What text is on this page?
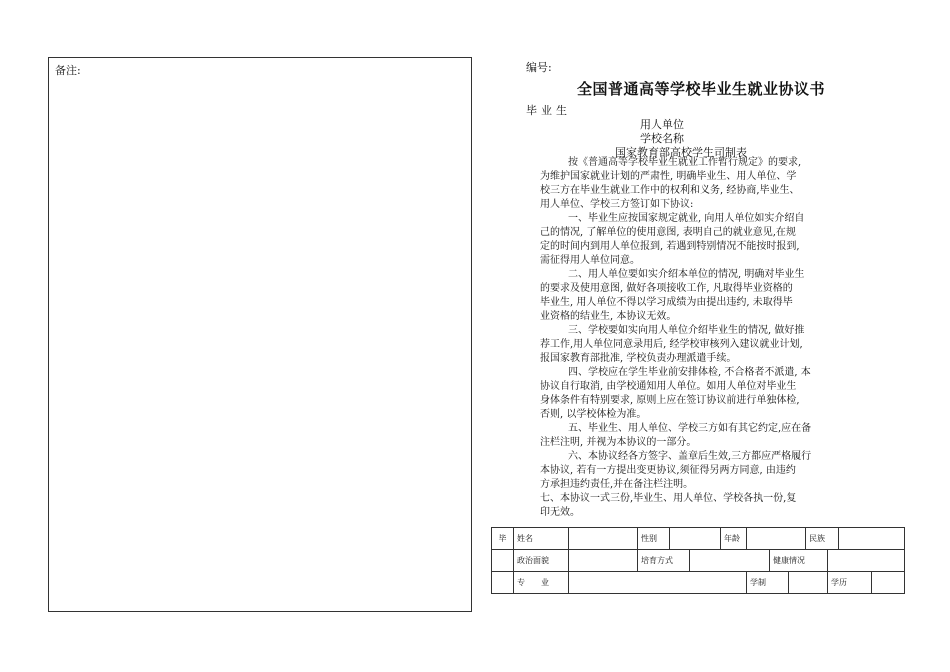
备注:	编号:
全国普通高等学校毕业生就业协议书
毕业生
用人单位
学校名称
国家教育部高校学生司制表
按《普通高等学校毕业生就业工作暂行规定》的要求,
为维护国家就业计划的严肃性, 明确毕业生、用人单位、学
校三方在毕业生就业工作中的权利和义务, 经协商,毕业生、
用人单位、学校三方签订如下协议:
一、毕业生应按国家规定就业, 向用人单位如实介绍自
己的情况, 了解单位的使用意图, 表明自己的就业意见,在规
定的时间内到用人单位报到, 若遇到特别情况不能按时报到,
需征得用人单位同意。
二、用人单位要如实介绍本单位的情况, 明确对毕业生
的要求及使用意图, 做好各项接收工作, 凡取得毕业资格的
毕业生, 用人单位不得以学习成绩为由提出违约, 未取得毕
业资格的结业生, 本协议无效。
三、学校要如实向用人单位介绍毕业生的情况, 做好推
荐工作,用人单位同意录用后, 经学校审核列入建议就业计划,
报国家教育部批准, 学校负责办理派遣手续。
四、学校应在学生毕业前安排体检, 不合格者不派遣, 本
协议自行取消, 由学校通知用人单位。如用人单位对毕业生
身体条件有特别要求, 原则上应在签订协议前进行单独体检,
否则, 以学校体检为准。
五、毕业生、用人单位、学校三方如有其它约定,应在备
注栏注明, 并视为本协议的一部分。
六、本协议经各方签字、盖章后生效,三方都应严格履行
本协议, 若有一方提出变更协议,须征得另两方同意, 由违约
方承担违约责任,并在备注栏注明。
七、本协议一式三份,毕业生、用人单位、学校各执一份,复
印无效。
毕	姓名		性别			年龄				民族			
	政治面貌		培育方式					健康情况					
	专　　业						学制				学历		
